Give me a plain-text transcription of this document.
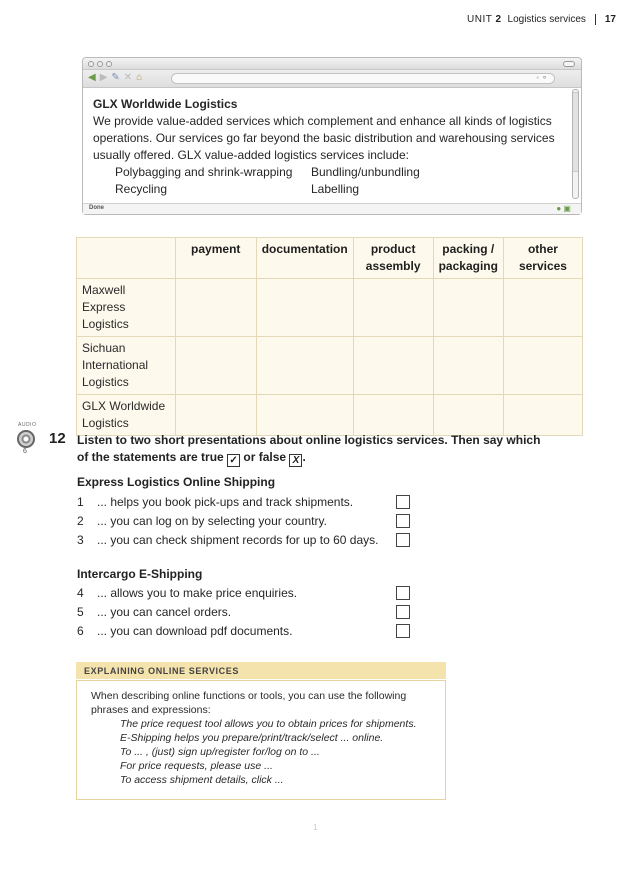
UNIT 2 Logistics services 17
◀ ▶ ✎ ✕ ⌂	◦ ⚬
GLX Worldwide Logistics
We provide value-added services which complement and enhance all kinds of logistics operations. Our services go far beyond the basic distribution and warehousing services usually offered. GLX value-added logistics services include:
Polybagging and shrink-wrapping	Bundling/unbundling
Recycling	Labelling
Done	● ▣
	payment	documentation	product assembly	packing / packaging	other services
Maxwell Express Logistics					
Sichuan International Logistics					
GLX Worldwide Logistics					
AUDIO
6
12 Listen to two short presentations about online logistics services. Then say which of the statements are true ✓ or false X .
Express Logistics Online Shipping
1 ... helps you book pick-ups and track shipments.
2 ... you can log on by selecting your country.
3 ... you can check shipment records for up to 60 days.
Intercargo E-Shipping
4 ... allows you to make price enquiries.
5 ... you can cancel orders.
6 ... you can download pdf documents.
EXPLAINING ONLINE SERVICES
When describing online functions or tools, you can use the following phrases and expressions:
The price request tool allows you to obtain prices for shipments.
E-Shipping helps you prepare/print/track/select ... online.
To ... , (just) sign up/register for/log on to ...
For price requests, please use ...
To access shipment details, click ...
1
